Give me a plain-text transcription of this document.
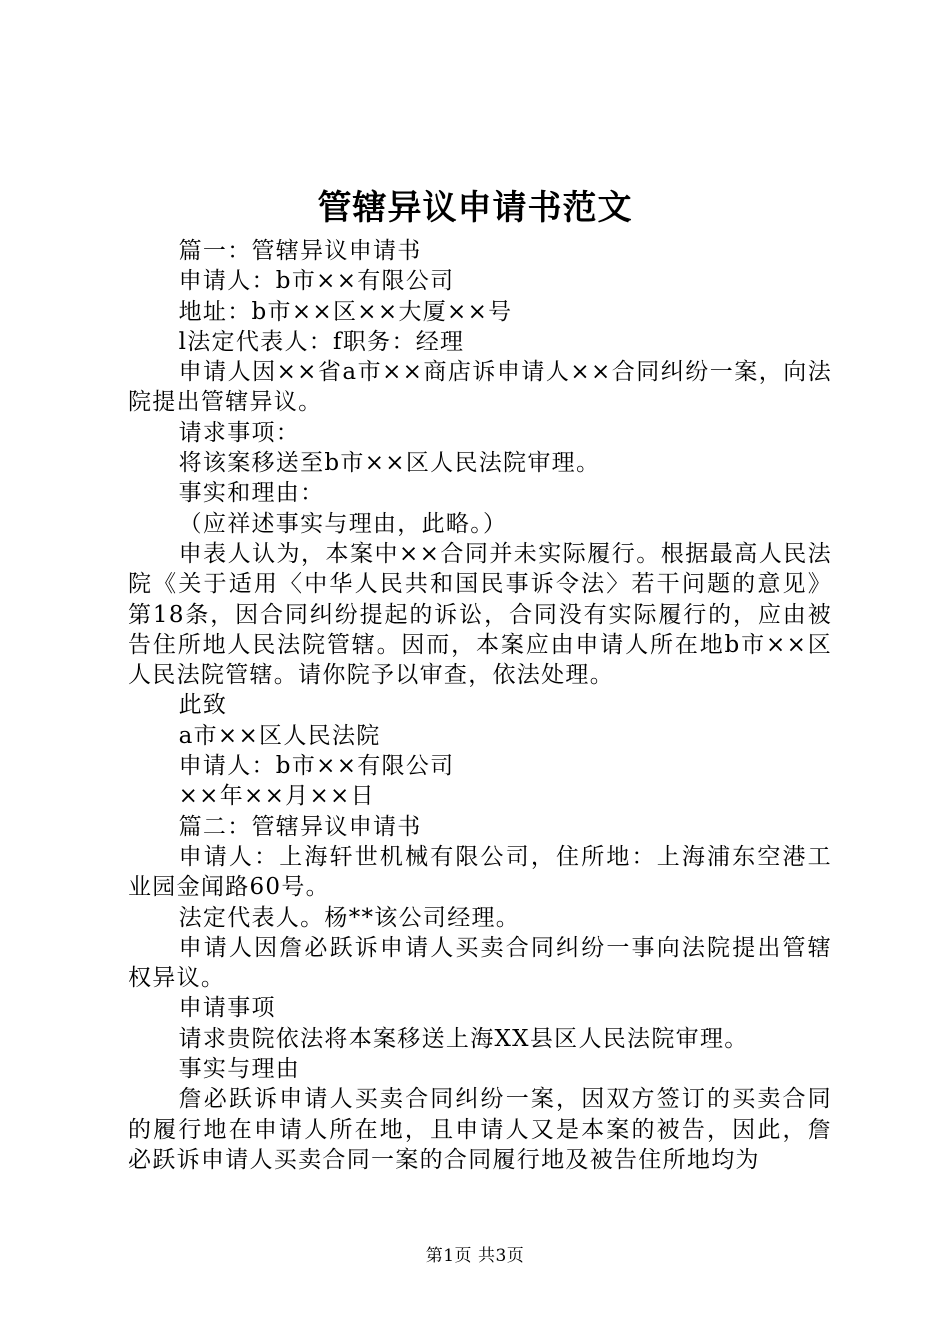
管辖异议申请书范文

篇一：管辖异议申请书

申请人：b市××有限公司

地址：b市××区××大厦××号

l法定代表人：f职务：经理

申请人因××省a市××商店诉申请人××合同纠纷一案，向法院提出管辖异议。

请求事项：

将该案移送至b市××区人民法院审理。

事实和理由：

（应祥述事实与理由，此略。）

申表人认为，本案中××合同并未实际履行。根据最高人民法院《关于适用〈中华人民共和国民事诉令法〉若干问题的意见》第18条，因合同纠纷提起的诉讼，合同没有实际履行的，应由被告住所地人民法院管辖。因而，本案应由申请人所在地b市××区人民法院管辖。请你院予以审查，依法处理。

此致

a市××区人民法院

申请人：b市××有限公司

××年××月××日

篇二：管辖异议申请书

申请人：上海轩世机械有限公司，住所地：上海浦东空港工业园金闻路60号。

法定代表人。杨**该公司经理。

申请人因詹必跃诉申请人买卖合同纠纷一事向法院提出管辖权异议。

申请事项

请求贵院依法将本案移送上海XX县区人民法院审理。

事实与理由

詹必跃诉申请人买卖合同纠纷一案，因双方签订的买卖合同的履行地在申请人所在地，且申请人又是本案的被告，因此，詹必跃诉申请人买卖合同一案的合同履行地及被告住所地均为

第1页 共3页
